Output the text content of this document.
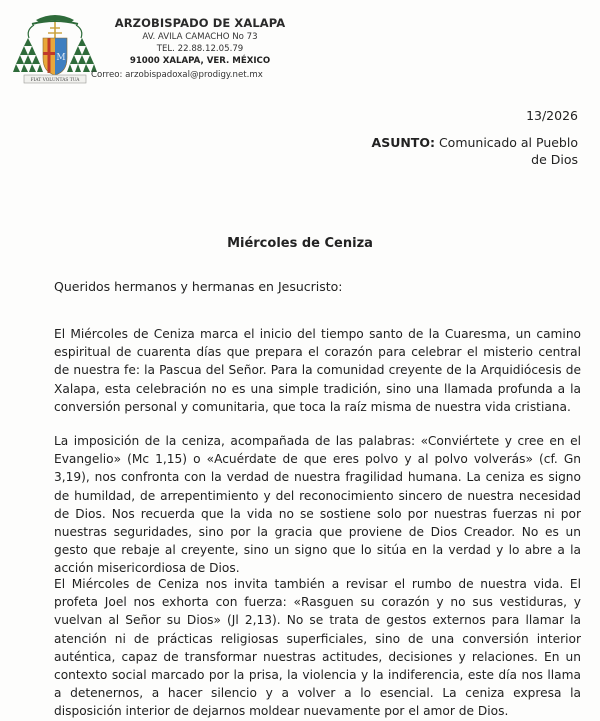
M
FIAT VOLUNTAS TUA
ARZOBISPADO DE XALAPA
AV. AVILA CAMACHO No 73
TEL. 22.88.12.05.79
91000 XALAPA, VER. MÉXICO
Correo: arzobispadoxal@prodigy.net.mx
13/2026
ASUNTO: Comunicado al Pueblo de Dios
Miércoles de Ceniza
Queridos hermanos y hermanas en Jesucristo:
El Miércoles de Ceniza marca el inicio del tiempo santo de la Cuaresma, un camino espiritual de cuarenta días que prepara el corazón para celebrar el misterio central de nuestra fe: la Pascua del Señor. Para la comunidad creyente de la Arquidiócesis de Xalapa, esta celebración no es una simple tradición, sino una llamada profunda a la conversión personal y comunitaria, que toca la raíz misma de nuestra vida cristiana.
La imposición de la ceniza, acompañada de las palabras: «Conviértete y cree en el Evangelio» (Mc 1,15) o «Acuérdate de que eres polvo y al polvo volverás» (cf. Gn 3,19), nos confronta con la verdad de nuestra fragilidad humana. La ceniza es signo de humildad, de arrepentimiento y del reconocimiento sincero de nuestra necesidad de Dios. Nos recuerda que la vida no se sostiene solo por nuestras fuerzas ni por nuestras seguridades, sino por la gracia que proviene de Dios Creador. No es un gesto que rebaje al creyente, sino un signo que lo sitúa en la verdad y lo abre a la acción misericordiosa de Dios.
El Miércoles de Ceniza nos invita también a revisar el rumbo de nuestra vida. El profeta Joel nos exhorta con fuerza: «Rasguen su corazón y no sus vestiduras, y vuelvan al Señor su Dios» (Jl 2,13). No se trata de gestos externos para llamar la atención ni de prácticas religiosas superficiales, sino de una conversión interior auténtica, capaz de transformar nuestras actitudes, decisiones y relaciones. En un contexto social marcado por la prisa, la violencia y la indiferencia, este día nos llama a detenernos, a hacer silencio y a volver a lo esencial. La ceniza expresa la disposición interior de dejarnos moldear nuevamente por el amor de Dios.
